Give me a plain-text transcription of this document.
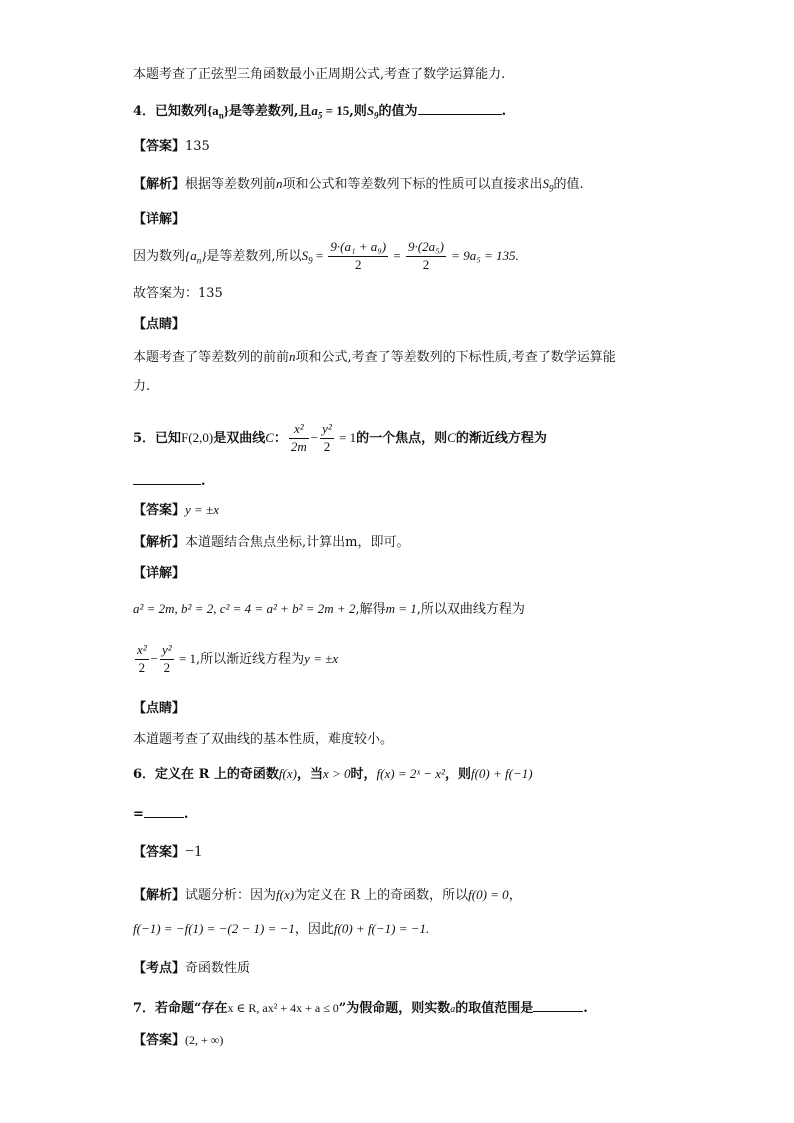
本题考查了正弦型三角函数最小正周期公式,考查了数学运算能力.
4．已知数列$\{a_n\}$是等差数列,且$a_5 = 15$,则$S_9$的值为	.
【答案】135
【解析】根据等差数列前n项和公式和等差数列下标的性质可以直接求出$S_9$的值.
【详解】
因为数列$\{a_n\}$是等差数列,所以$S_9 = \frac{\text{9·(a₁ + a₉)}}{2} = \frac{\text{9·(2a₅)}}{2} = 9a_5 = 135$.
故答案为：135
【点睛】
本题考查了等差数列的前前n项和公式,考查了等差数列的下标性质,考查了数学运算能
力.
5．已知F(2,0)是双曲线C： $\frac{\text{x²}}{2m} - \frac{\text{y²}}{2} = 1$的一个焦点，则C的渐近线方程为
.
【答案】y = ±x
【解析】本道题结合焦点坐标,计算出m，即可。
【详解】
a² = 2m, b² = 2, c² = 4 = a² + b² = 2m + 2,解得m = 1,所以双曲线方程为
$\frac{\text{x²}}{2} - \frac{\text{y²}}{2} = 1$,所以渐近线方程为y = ±x
【点睛】
本道题考查了双曲线的基本性质，难度较小。
6．定义在 R 上的奇函数f(x)，当x > 0时，f(x) = 2ˣ − x²，则f(0) + f(−1)
=	.
【答案】−1
【解析】试题分析：因为f(x)为定义在 R 上的奇函数，所以f(0) = 0，
f(−1) = −f(1) = −(2 − 1) = −1，因此f(0) + f(−1) = −1.
【考点】奇函数性质
7．若命题“存在x ∈ R, ax² + 4x + a ≤ 0”为假命题，则实数a的取值范围是	.
【答案】(2, + ∞)
